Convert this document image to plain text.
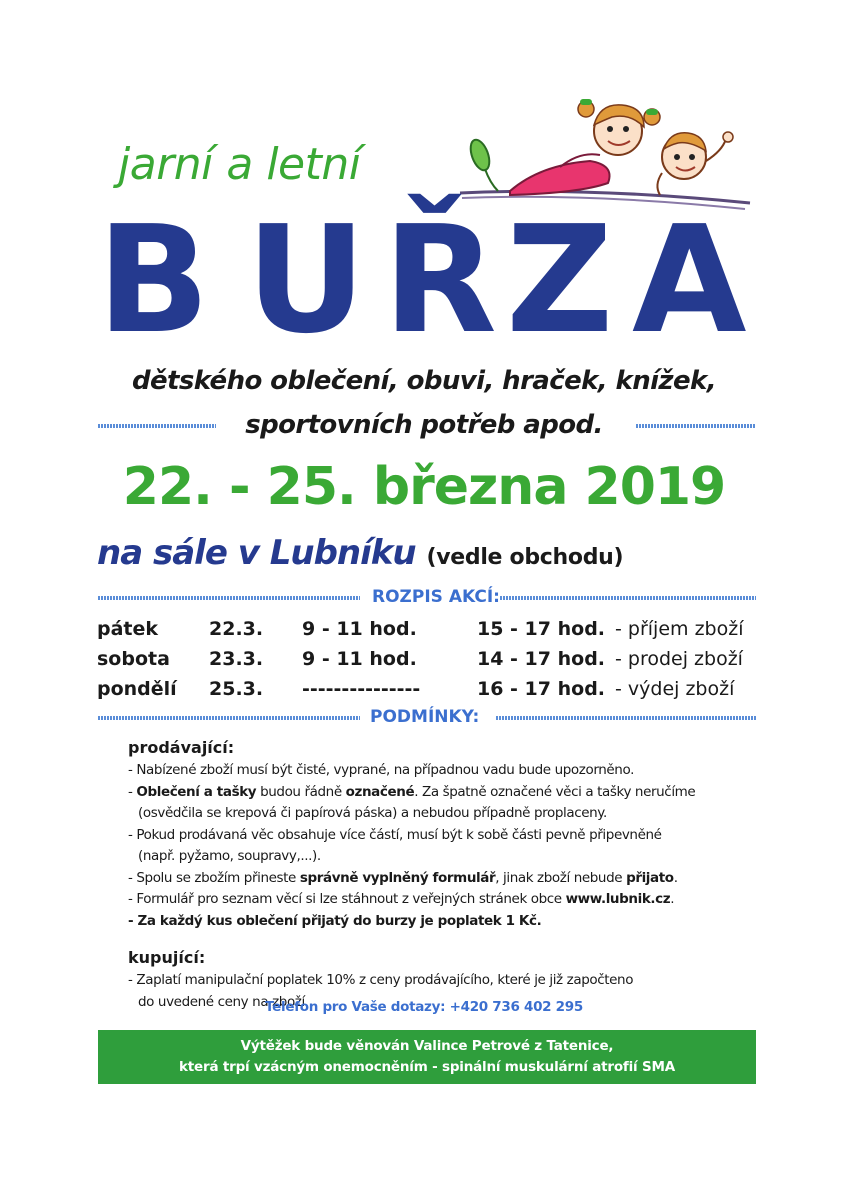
jarní a letní
B U Ř Z A
dětského oblečení, obuvi, hraček, knížek,
sportovních potřeb apod.
22. - 25. března 2019
na sále v Lubníku (vedle obchodu)
ROZPIS AKCÍ:
pátek	22.3. 9 - 11 hod.	15 - 17 hod. - příjem zboží
sobota 23.3. 9 - 11 hod.	14 - 17 hod. - prodej zboží
pondělí 25.3. ---------------	16 - 17 hod. - výdej zboží
PODMÍNKY:
prodávající:
- Nabízené zboží musí být čisté, vyprané, na případnou vadu bude upozorněno.
- Oblečení a tašky budou řádně označené. Za špatně označené věci a tašky neručíme
(osvědčila se krepová či papírová páska) a nebudou případně proplaceny.
- Pokud prodávaná věc obsahuje více částí, musí být k sobě části pevně připevněné
(např. pyžamo, soupravy,...).
- Spolu se zbožím přineste správně vyplněný formulář, jinak zboží nebude přijato.
- Formulář pro seznam věcí si lze stáhnout z veřejných stránek obce www.lubnik.cz.
- Za každý kus oblečení přijatý do burzy je poplatek 1 Kč.
kupující:
- Zaplatí manipulační poplatek 10% z ceny prodávajícího, které je již započteno
do uvedené ceny na zboží
Telefon pro Vaše dotazy: +420 736 402 295
Výtěžek bude věnován Valince Petrové z Tatenice,
která trpí vzácným onemocněním - spinální muskulární atrofií SMA
